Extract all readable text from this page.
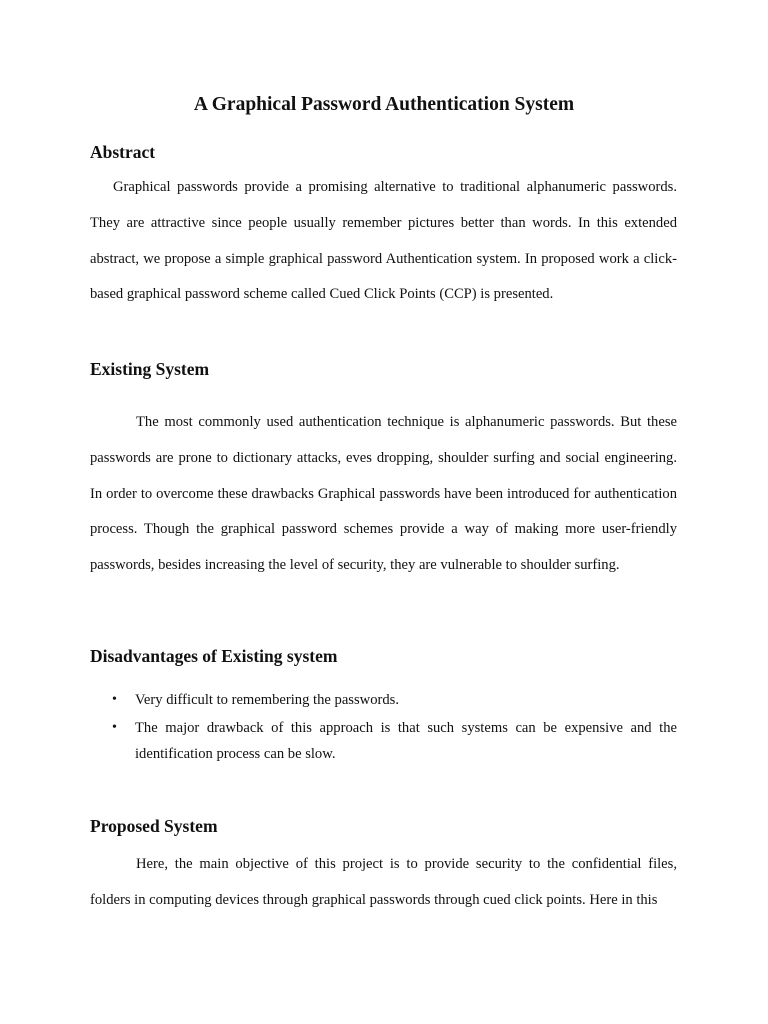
A Graphical Password Authentication System
Abstract

Graphical passwords provide a promising alternative to traditional alphanumeric passwords. They are attractive since people usually remember pictures better than words. In this extended abstract, we propose a simple graphical password Authentication system. In proposed work a click-based graphical password scheme called Cued Click Points (CCP) is presented.

Existing System

The most commonly used authentication technique is alphanumeric passwords. But these passwords are prone to dictionary attacks, eves dropping, shoulder surfing and social engineering. In order to overcome these drawbacks Graphical passwords have been introduced for authentication process. Though the graphical password schemes provide a way of making more user-friendly passwords, besides increasing the level of security, they are vulnerable to shoulder surfing.

Disadvantages of Existing system
• Very difficult to remembering the passwords.
• The major drawback of this approach is that such systems can be expensive and the identification process can be slow.
Proposed System

Here, the main objective of this project is to provide security to the confidential files, folders in computing devices through graphical passwords through cued click points. Here in this
